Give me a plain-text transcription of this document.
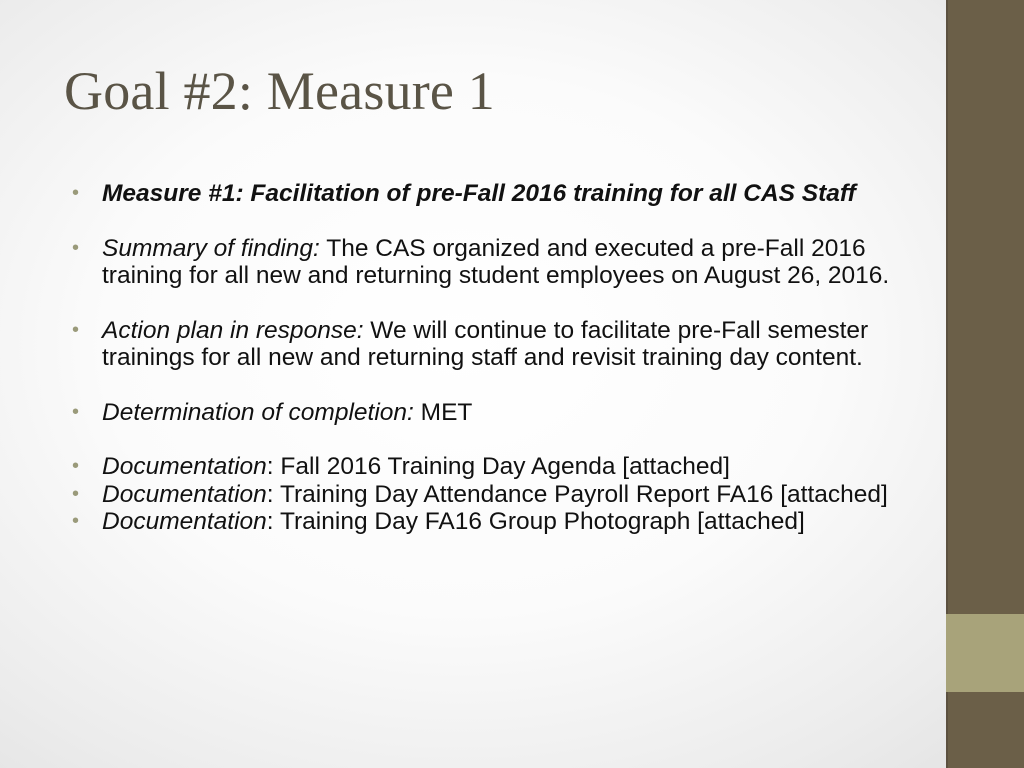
Goal #2: Measure 1
• Measure #1: Facilitation of pre-Fall 2016 training for all CAS Staff
• Summary of finding: The CAS organized and executed a pre-Fall 2016 training for all new and returning student employees on August 26, 2016.
• Action plan in response: We will continue to facilitate pre-Fall semester trainings for all new and returning staff and revisit training day content.
• Determination of completion: MET
• Documentation: Fall 2016 Training Day Agenda [attached]
• Documentation: Training Day Attendance Payroll Report FA16 [attached]
• Documentation: Training Day FA16 Group Photograph [attached]
